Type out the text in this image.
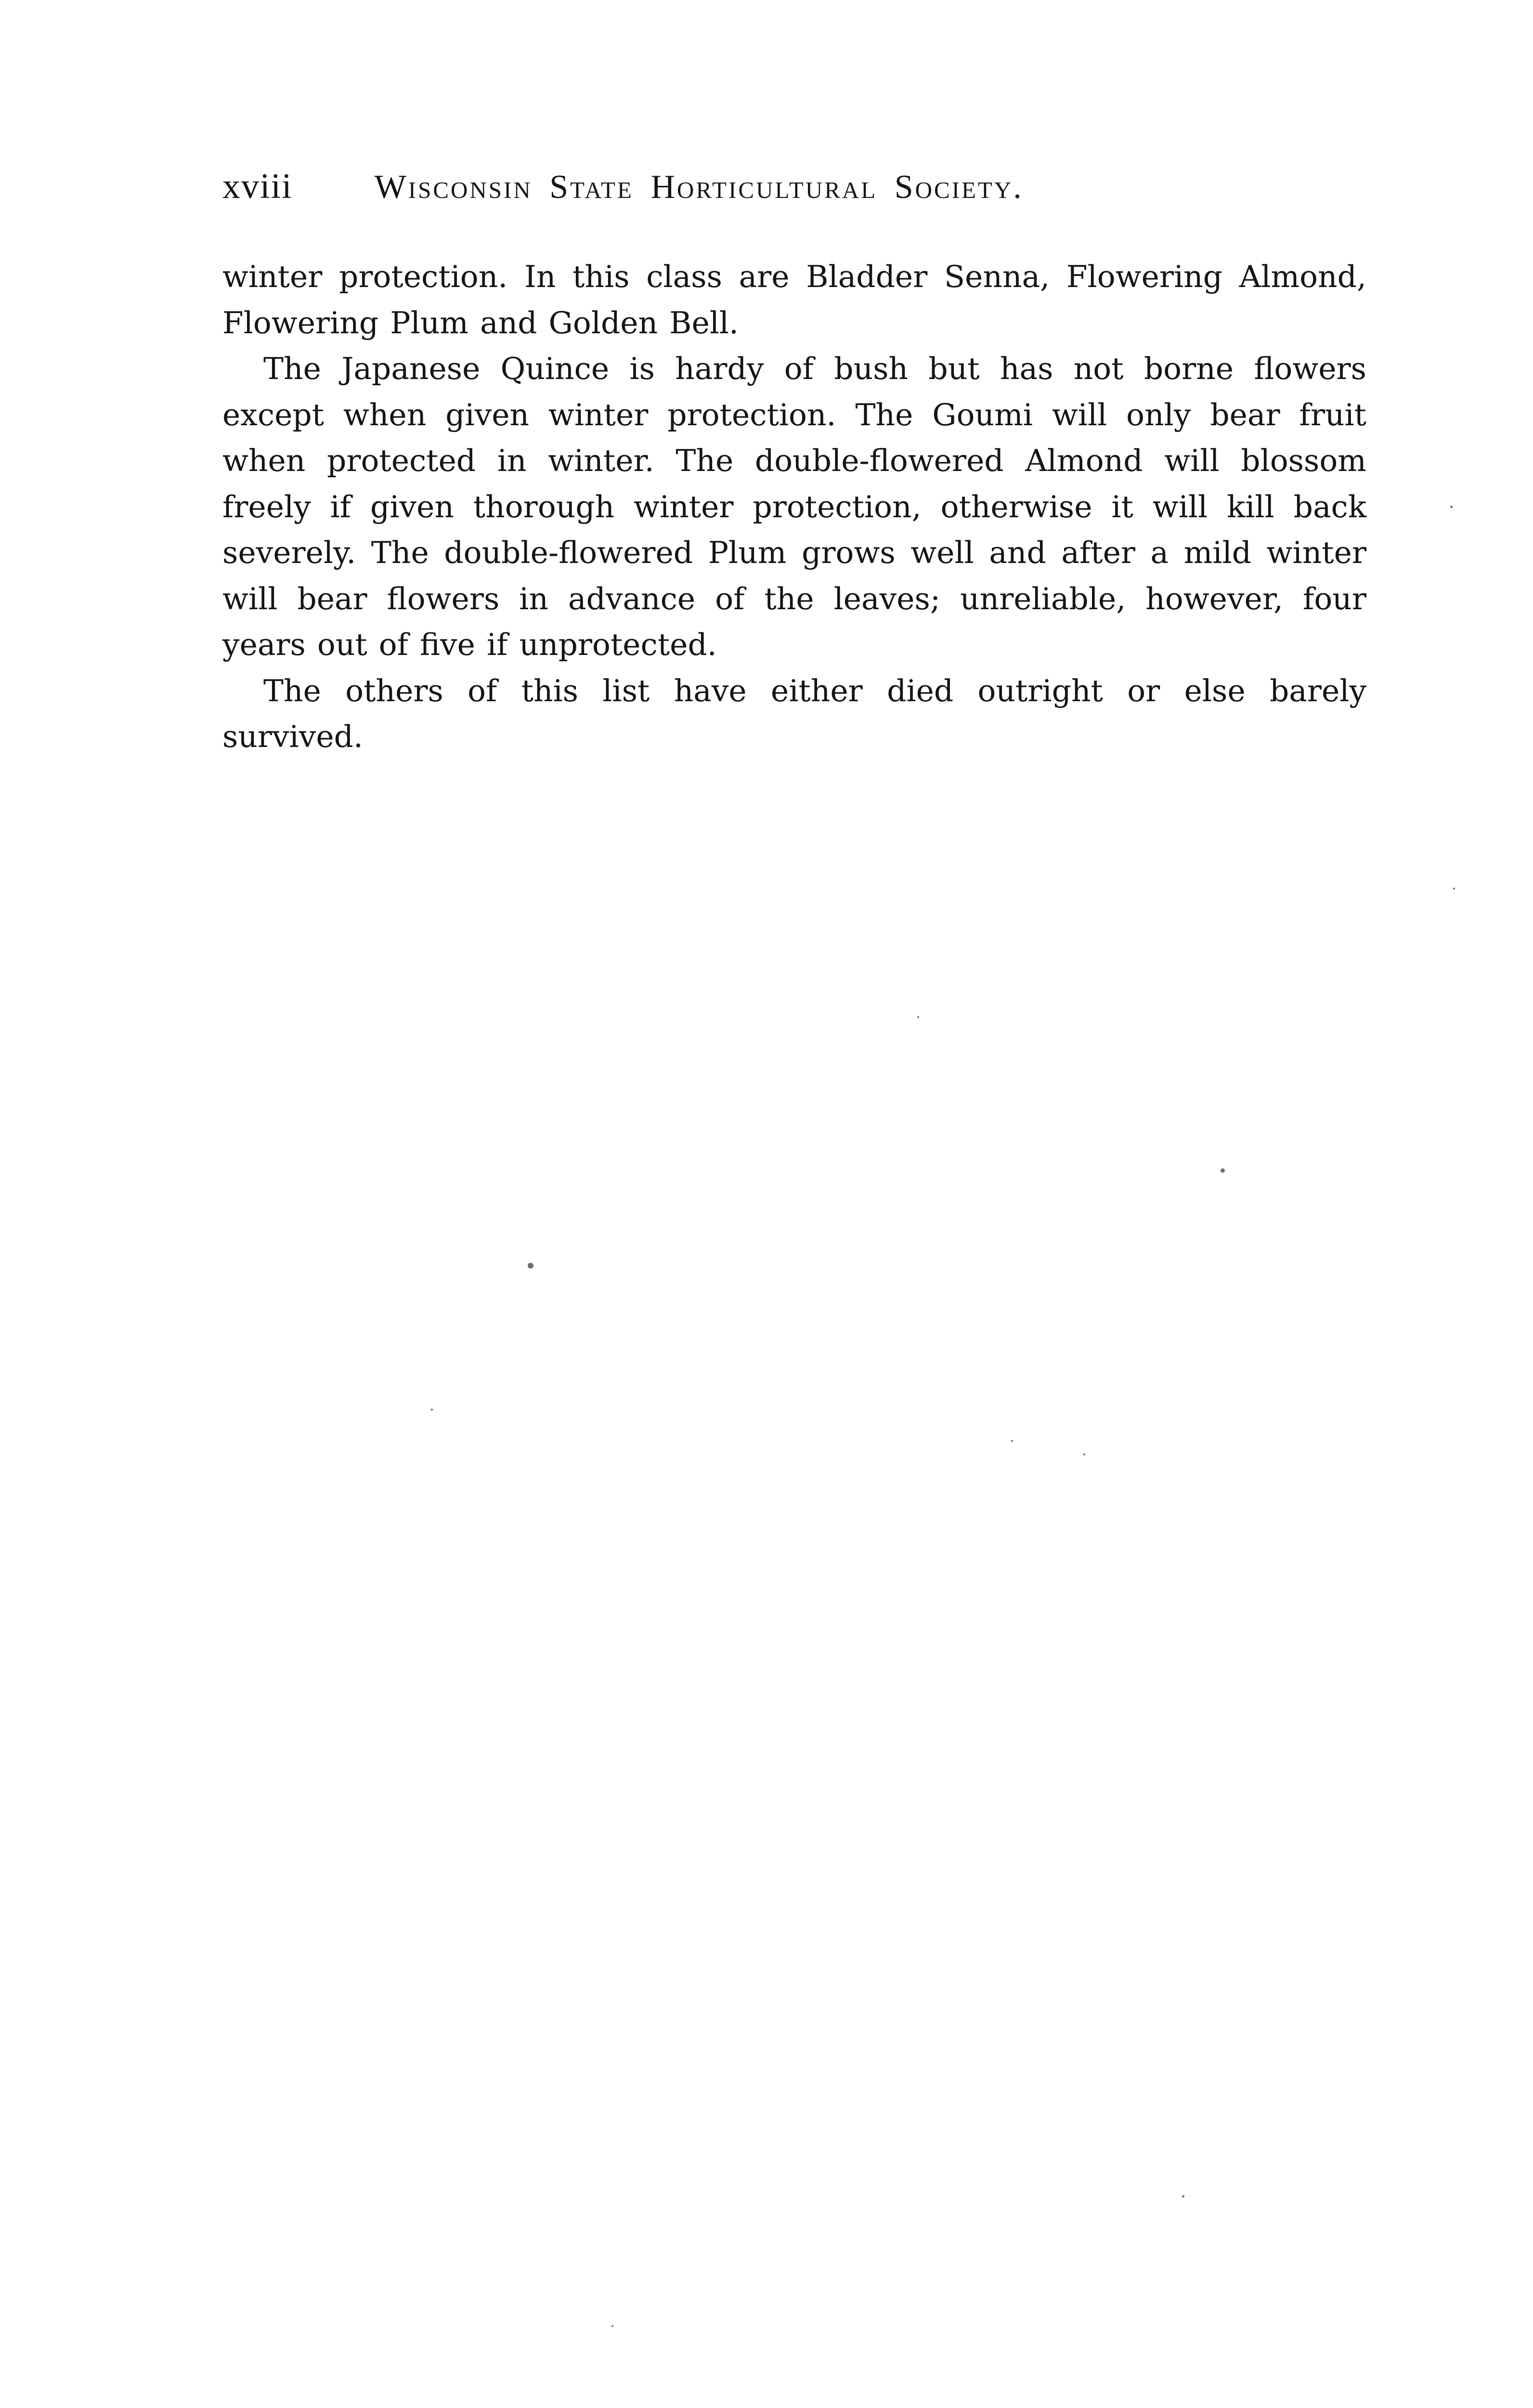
xviii Wisconsin State Horticultural Society.

winter protection. In this class are Bladder Senna, Flowering Almond, Flowering Plum and Golden Bell.

The Japanese Quince is hardy of bush but has not borne flowers except when given winter protection. The Goumi will only bear fruit when protected in winter. The double-flowered Almond will blossom freely if given thorough winter protection, otherwise it will kill back severely. The double-flowered Plum grows well and after a mild winter will bear flowers in advance of the leaves; unreliable, however, four years out of five if unprotected.

The others of this list have either died outright or else barely survived.
